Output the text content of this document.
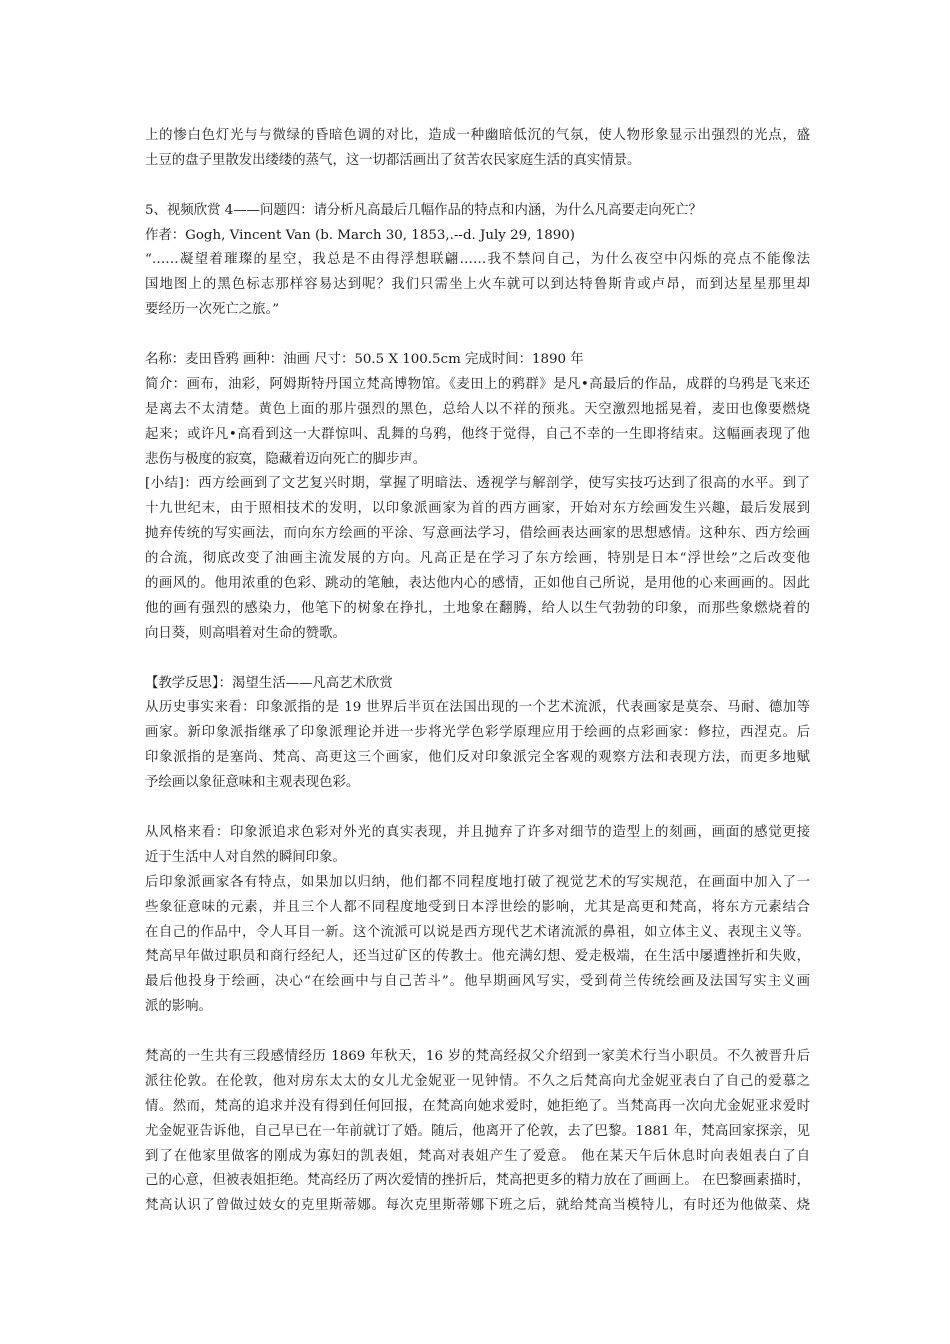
上的惨白色灯光与与微绿的昏暗色调的对比，造成一种幽暗低沉的气氛，使人物形象显示出强烈的光点，盛
土豆的盘子里散发出缕缕的蒸气，这一切都活画出了贫苦农民家庭生活的真实情景。
5、视频欣赏 4——问题四：请分析凡高最后几幅作品的特点和内涵，为什么凡高要走向死亡？
作者：Gogh, Vincent Van (b. March 30, 1853,.--d. July 29, 1890)
“……凝望着璀璨的星空，我总是不由得浮想联翩……我不禁问自己，为什么夜空中闪烁的亮点不能像法
国地图上的黑色标志那样容易达到呢？我们只需坐上火车就可以到达特鲁斯肯或卢昂，而到达星星那里却
要经历一次死亡之旅。”
名称：麦田昏鸦 画种：油画 尺寸：50.5 X 100.5cm 完成时间：1890 年
简介：画布，油彩，阿姆斯特丹国立梵高博物馆。《麦田上的鸦群》是凡•高最后的作品，成群的乌鸦是飞来还
是离去不太清楚。黄色上面的那片强烈的黑色，总给人以不祥的预兆。天空激烈地摇晃着，麦田也像要燃烧
起来；或许凡•高看到这一大群惊叫、乱舞的乌鸦，他终于觉得，自己不幸的一生即将结束。这幅画表现了他
悲伤与极度的寂寞，隐藏着迈向死亡的脚步声。
[小结]：西方绘画到了文艺复兴时期，掌握了明暗法、透视学与解剖学，使写实技巧达到了很高的水平。到了
十九世纪末，由于照相技术的发明，以印象派画家为首的西方画家，开始对东方绘画发生兴趣，最后发展到
抛弃传统的写实画法，而向东方绘画的平涂、写意画法学习，借绘画表达画家的思想感情。这种东、西方绘画
的合流，彻底改变了油画主流发展的方向。凡高正是在学习了东方绘画，特别是日本“浮世绘”之后改变他
的画风的。他用浓重的色彩、跳动的笔触，表达他内心的感情，正如他自己所说，是用他的心来画画的。因此
他的画有强烈的感染力，他笔下的树象在挣扎，土地象在翻腾，给人以生气勃勃的印象，而那些象燃烧着的
向日葵，则高唱着对生命的赞歌。
【教学反思】：渴望生活——凡高艺术欣赏
从历史事实来看：印象派指的是 19 世界后半页在法国出现的一个艺术流派，代表画家是莫奈、马耐、德加等
画家。新印象派指继承了印象派理论并进一步将光学色彩学原理应用于绘画的点彩画家：修拉，西涅克。后
印象派指的是塞尚、梵高、高更这三个画家，他们反对印象派完全客观的观察方法和表现方法，而更多地赋
予绘画以象征意味和主观表现色彩。
从风格来看：印象派追求色彩对外光的真实表现，并且抛弃了许多对细节的造型上的刻画，画面的感觉更接
近于生活中人对自然的瞬间印象。
后印象派画家各有特点，如果加以归纳，他们都不同程度地打破了视觉艺术的写实规范，在画面中加入了一
些象征意味的元素，并且三个人都不同程度地受到日本浮世绘的影响，尤其是高更和梵高，将东方元素结合
在自己的作品中，令人耳目一新。这个流派可以说是西方现代艺术诸流派的鼻祖，如立体主义、表现主义等。
梵高早年做过职员和商行经纪人，还当过矿区的传教士。他充满幻想、爱走极端，在生活中屡遭挫折和失败，
最后他投身于绘画，决心“在绘画中与自己苦斗”。他早期画风写实，受到荷兰传统绘画及法国写实主义画
派的影响。
梵高的一生共有三段感情经历 1869 年秋天，16 岁的梵高经叔父介绍到一家美术行当小职员。不久被晋升后
派往伦敦。在伦敦，他对房东太太的女儿尤金妮亚一见钟情。不久之后梵高向尤金妮亚表白了自己的爱慕之
情。然而，梵高的追求并没有得到任何回报，在梵高向她求爱时，她拒绝了。当梵高再一次向尤金妮亚求爱时
尤金妮亚告诉他，自己早已在一年前就订了婚。随后，他离开了伦敦，去了巴黎。1881 年，梵高回家探亲，见
到了在他家里做客的刚成为寡妇的凯表姐，梵高对表姐产生了爱意。 他在某天午后休息时向表姐表白了自
己的心意，但被表姐拒绝。梵高经历了两次爱情的挫折后，梵高把更多的精力放在了画画上。 在巴黎画素描时，
梵高认识了曾做过妓女的克里斯蒂娜。每次克里斯蒂娜下班之后，就给梵高当模特儿，有时还为他做菜、烧
